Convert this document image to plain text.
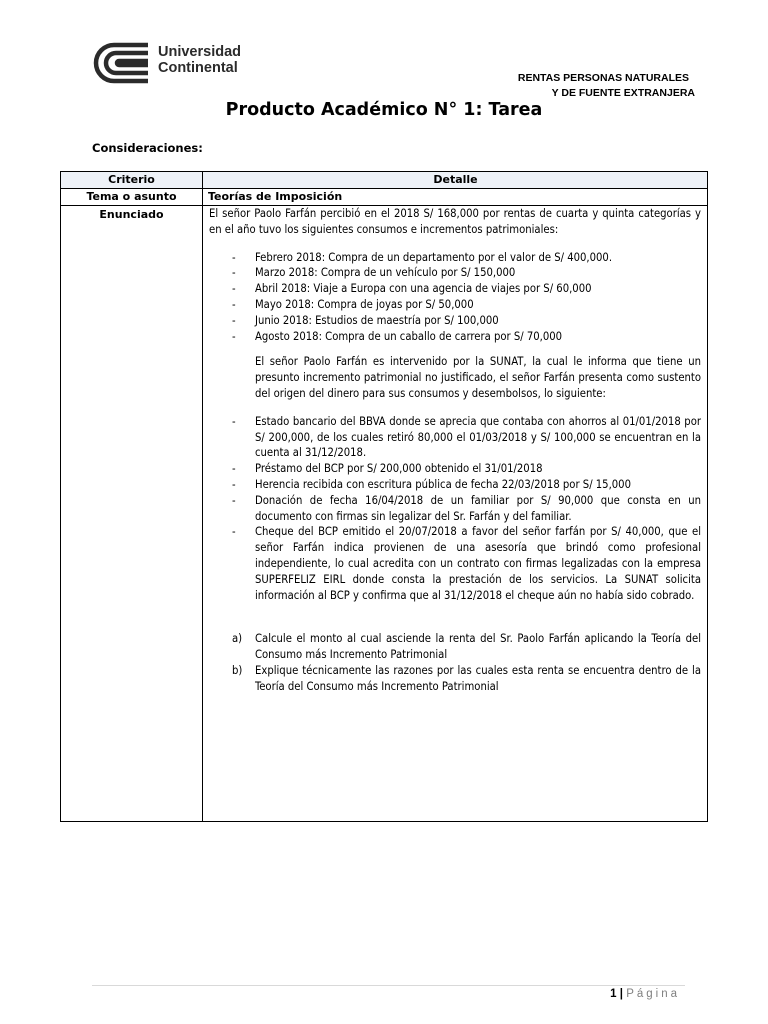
Universidad
Continental
RENTAS PERSONAS NATURALES
Y DE FUENTE EXTRANJERA
Producto Académico N° 1: Tarea
Consideraciones:
Criterio	Detalle
Tema o asunto	Teorías de Imposición
Enunciado	El señor Paolo Farfán percibió en el 2018 S/ 168,000 por rentas de cuarta y quinta categorías y en el año tuvo los siguientes consumos e incrementos patrimoniales:

- Febrero 2018: Compra de un departamento por el valor de S/ 400,000.
- Marzo 2018: Compra de un vehículo por S/ 150,000
- Abril 2018: Viaje a Europa con una agencia de viajes por S/ 60,000
- Mayo 2018: Compra de joyas por S/ 50,000
- Junio 2018: Estudios de maestría por S/ 100,000
- Agosto 2018: Compra de un caballo de carrera por S/ 70,000

El señor Paolo Farfán es intervenido por la SUNAT, la cual le informa que tiene un presunto incremento patrimonial no justificado, el señor Farfán presenta como sustento del origen del dinero para sus consumos y desembolsos, lo siguiente:

- Estado bancario del BBVA donde se aprecia que contaba con ahorros al 01/01/2018 por S/ 200,000, de los cuales retiró 80,000 el 01/03/2018 y S/ 100,000 se encuentran en la cuenta al 31/12/2018.
- Préstamo del BCP por S/ 200,000 obtenido el 31/01/2018
- Herencia recibida con escritura pública de fecha 22/03/2018 por S/ 15,000
- Donación de fecha 16/04/2018 de un familiar por S/ 90,000 que consta en un documento con firmas sin legalizar del Sr. Farfán y del familiar.
- Cheque del BCP emitido el 20/07/2018 a favor del señor farfán por S/ 40,000, que el señor Farfán indica provienen de una asesoría que brindó como profesional independiente, lo cual acredita con un contrato con firmas legalizadas con la empresa SUPERFELIZ EIRL donde consta la prestación de los servicios. La SUNAT solicita información al BCP y confirma que al 31/12/2018 el cheque aún no había sido cobrado.
a) Calcule el monto al cual asciende la renta del Sr. Paolo Farfán aplicando la Teoría del Consumo más Incremento Patrimonial
b) Explique técnicamente las razones por las cuales esta renta se encuentra dentro de la Teoría del Consumo más Incremento Patrimonial
1 | Página
